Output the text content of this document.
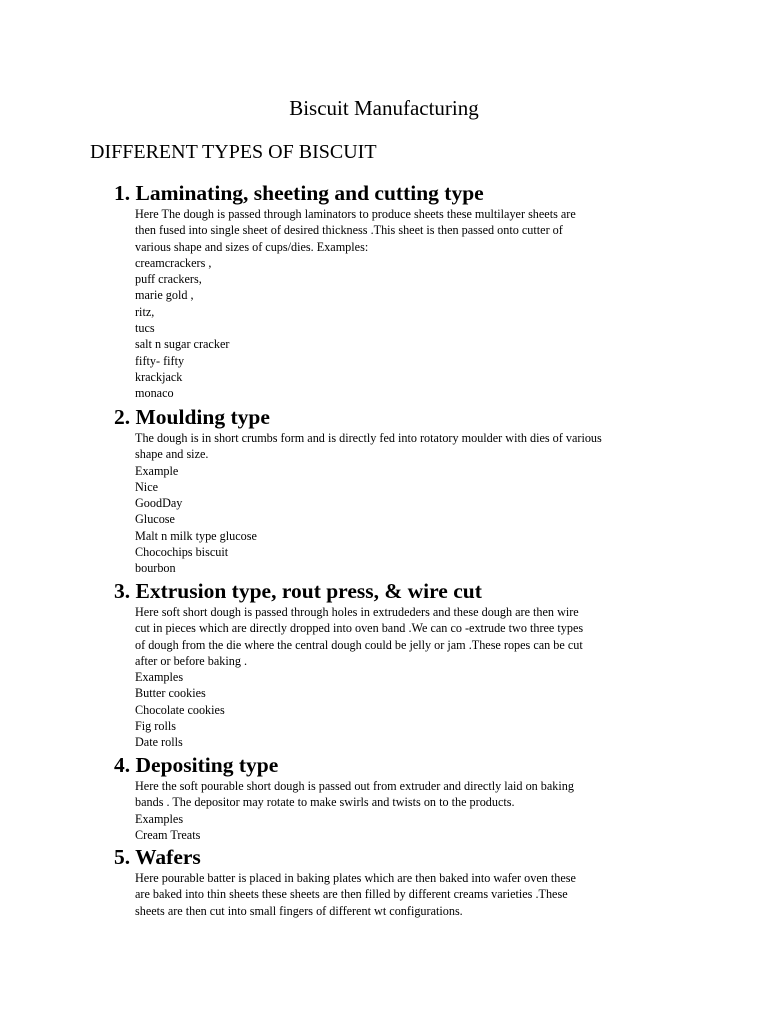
Biscuit Manufacturing
DIFFERENT TYPES OF BISCUIT
1. Laminating, sheeting and cutting type

Here The dough is passed through laminators to produce sheets these multilayer sheets are
then fused into single sheet of desired thickness .This sheet is then passed onto cutter of
various shape and sizes of cups/dies. Examples:

creamcrackers ,
puff crackers,
marie gold ,
ritz,
tucs
salt n sugar cracker
fifty- fifty
krackjack
monaco
2. Moulding type

The dough is in short crumbs form and is directly fed into rotatory moulder with dies of various
shape and size.
Example

Nice
GoodDay
Glucose
Malt n milk type glucose
Chocochips biscuit
bourbon
3. Extrusion type, rout press, & wire cut

Here soft short dough is passed through holes in extrudeders and these dough are then wire
cut in pieces which are directly dropped into oven band .We can co -extrude two three types
of dough from the die where the central dough could be jelly or jam .These ropes can be cut
after or before baking .
Examples

Butter cookies
Chocolate cookies
Fig rolls
Date rolls
4. Depositing type

Here the soft pourable short dough is passed out from extruder and directly laid on baking
bands . The depositor may rotate to make swirls and twists on to the products.
Examples

Cream Treats
5. Wafers

Here pourable batter is placed in baking plates which are then baked into wafer oven these
are baked into thin sheets these sheets are then filled by different creams varieties .These
sheets are then cut into small fingers of different wt configurations.
